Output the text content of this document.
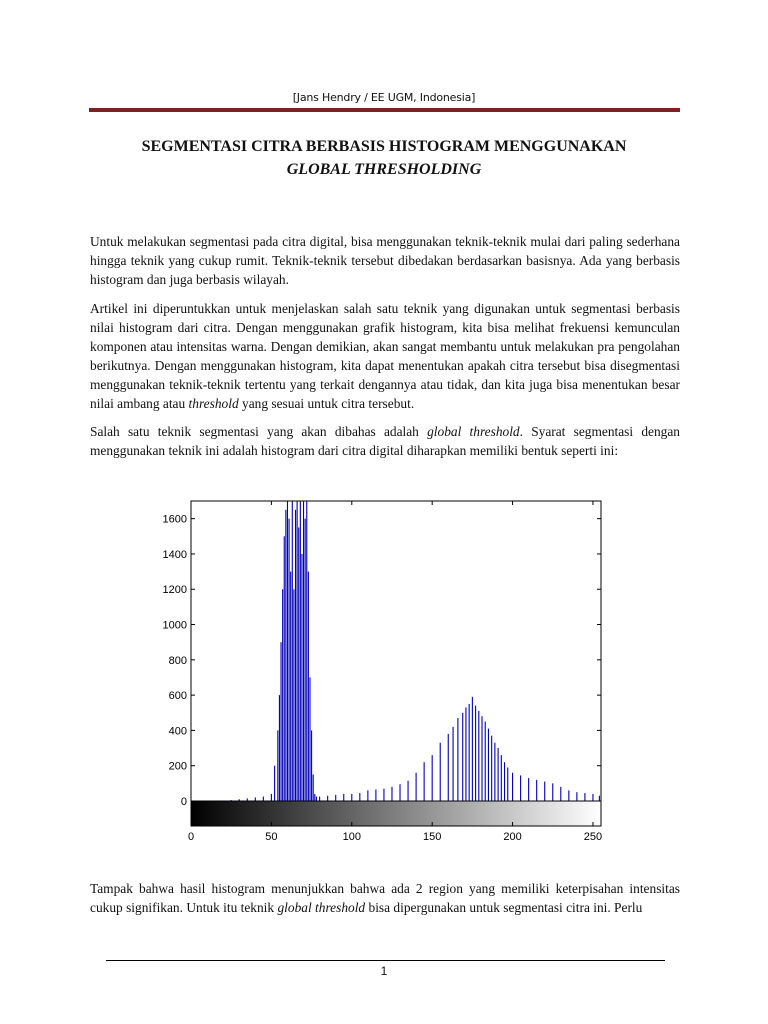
[Jans Hendry / EE UGM, Indonesia]
SEGMENTASI CITRA BERBASIS HISTOGRAM MENGGUNAKAN
GLOBAL THRESHOLDING

Untuk melakukan segmentasi pada citra digital, bisa menggunakan teknik-teknik mulai dari paling sederhana hingga teknik yang cukup rumit. Teknik-teknik tersebut dibedakan berdasarkan basisnya. Ada yang berbasis histogram dan juga berbasis wilayah.

Artikel ini diperuntukkan untuk menjelaskan salah satu teknik yang digunakan untuk segmentasi berbasis nilai histogram dari citra. Dengan menggunakan grafik histogram, kita bisa melihat frekuensi kemunculan komponen atau intensitas warna. Dengan demikian, akan sangat membantu untuk melakukan pra pengolahan berikutnya. Dengan menggunakan histogram, kita dapat menentukan apakah citra tersebut bisa disegmentasi menggunakan teknik-teknik tertentu yang terkait dengannya atau tidak, dan kita juga bisa menentukan besar nilai ambang atau threshold yang sesuai untuk citra tersebut.

Salah satu teknik segmentasi yang akan dibahas adalah global threshold. Syarat segmentasi dengan menggunakan teknik ini adalah histogram dari citra digital diharapkan memiliki bentuk seperti ini:

0
200
400
600
800
1000
1200
1400
1600
0	50	100	150	200	250

Tampak bahwa hasil histogram menunjukkan bahwa ada 2 region yang memiliki keterpisahan intensitas cukup signifikan. Untuk itu teknik global threshold bisa dipergunakan untuk segmentasi citra ini. Perlu

1
